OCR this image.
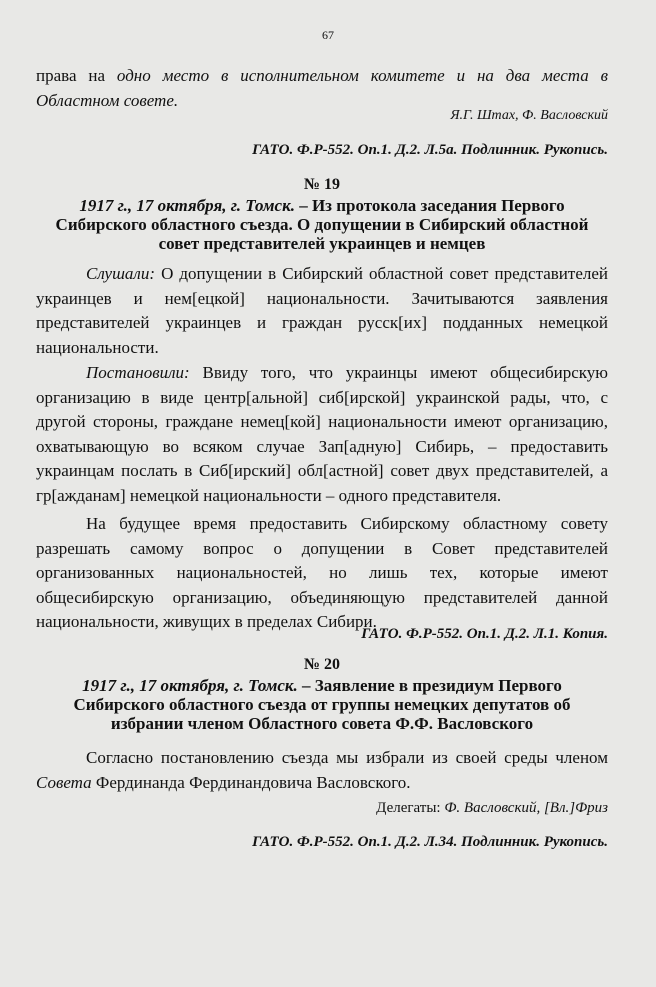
67

права на одно место в исполнительном комитете и на два места в Областном совете.

Я.Г. Штах, Ф. Васловский
ГАТО. Ф.Р-552. Оп.1. Д.2. Л.5а. Подлинник. Рукопись.
№ 19
1917 г., 17 октября, г. Томск. – Из протокола заседания Первого Сибирского областного съезда. О допущении в Сибирский областной совет представителей украинцев и немцев

Слушали: О допущении в Сибирский областной совет представителей украинцев и нем[ецкой] национальности. Зачитываются заявления представителей украинцев и граждан русск[их] подданных немецкой национальности.

Постановили: Ввиду того, что украинцы имеют общесибирскую организацию в виде центр[альной] сиб[ирской] украинской рады, что, с другой стороны, граждане немец[кой] национальности имеют организацию, охватывающую во всяком случае Зап[адную] Сибирь, – предоставить украинцам послать в Сиб[ирский] обл[астной] совет двух представителей, а гр[ажданам] немецкой национальности – одного представителя.

На будущее время предоставить Сибирскому областному совету разрешать самому вопрос о допущении в Совет представителей организованных национальностей, но лишь тех, которые имеют общесибирскую организацию, объединяющую представителей данной национальности, живущих в пределах Сибири.

ГАТО. Ф.Р-552. Оп.1. Д.2. Л.1. Копия.
№ 20
1917 г., 17 октября, г. Томск. – Заявление в президиум Первого Сибирского областного съезда от группы немецких депутатов об избрании членом Областного совета Ф.Ф. Васловского

Согласно постановлению съезда мы избрали из своей среды членом Совета Фердинанда Фердинандовича Васловского.

Делегаты: Ф. Васловский, [Вл.]Фриз
ГАТО. Ф.Р-552. Оп.1. Д.2. Л.34. Подлинник. Рукопись.
